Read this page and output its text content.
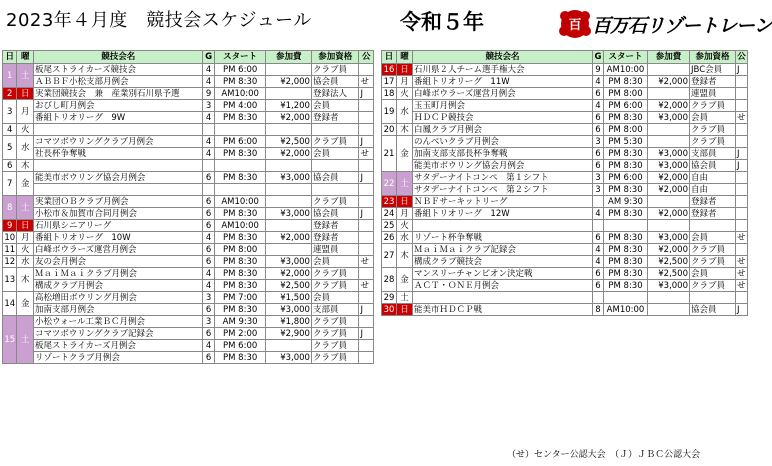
2023年４月度　競技会スケジュール	令和５年	百 百万石リゾートレーン
日	曜	競技会名	G	スタート	参加費	参加資格	公
1	土	板尾ストライカーズ競技会	4	PM 6:00		クラブ員	
		ＡＢＢＦ小松支部月例会	4	PM 8:30	¥2,000	協会員	せ
2	日	実業団競技会　兼　産業別石川県予選	9	AM10:00		登録法人	J
3	月	おびし町月例会	3	PM 4:00	¥1,200	会員	
		番組トリオリーグ　9W	4	PM 8:30	¥2,000	登録者	
4	火						
5	水	コマツボウリングクラブ月例会	4	PM 6:00	¥2,500	クラブ員	J
		社長杯争奪戦	4	PM 8:30	¥2,000	会員	せ
6	木						
7	金	能美市ボウリング協会月例会	6	PM 8:30	¥3,000	協会員	J

8	土	実業団ＯＢクラブ月例会	6	AM10:00		クラブ員	
		小松市＆加賀市合同月例会	6	PM 8:30	¥3,000	協会員	J
9	日	石川県シニアリーグ	6	AM10:00		登録者	
10	月	番組トリオリーグ　10W	4	PM 8:30	¥2,000	登録者	
11	火	白峰ボウラーズ運営月例会	6	PM 8:00		連盟員	
12	水	友の会月例会	6	PM 8:30	¥3,000	会員	せ
13	木	ＭａｉＭａｉクラブ月例会	4	PM 8:30	¥2,000	クラブ員	
		構成クラブ月例会	4	PM 8:30	¥2,500	クラブ員	せ
14	金	高松増田ボウリング月例会	3	PM 7:00	¥1,500	会員	
		加南支部月例会	6	PM 8:30	¥3,000	支部員	J
15	土	小松ウォール工業ＢＣ月例会	3	AM 9:30	¥1,800	クラブ員	
		コマツボウリングクラブ記録会	6	PM 2:00	¥2,900	クラブ員	J
		板尾ストライカーズ月例会	4	PM 6:00		クラブ員	
		リゾートクラブ月例会	6	PM 8:30	¥3,000	クラブ員	
日	曜	競技会名	G	スタート	参加費	参加資格	公
16	日	石川県２人チーム選手権大会	9	AM10:00		JBC会員	J
17	月	番組トリオリーグ　11W	4	PM 8:30	¥2,000	登録者	
18	火	白峰ボウラーズ運営月例会	6	PM 8:00		連盟員	
19	水	玉玉町月例会	4	PM 6:00	¥2,000	クラブ員	
		ＨＤＣＰ競技会	6	PM 8:30	¥3,000	会員	せ
20	木	白鳳クラブ月例会	6	PM 8:00		クラブ員	
21	金	のんべいクラブ月例会	3	PM 5:30		クラブ員	
		加南支部支部長杯争奪戦	6	PM 8:30	¥3,000	支部員	J
		能美市ボウリング協会月例会	6	PM 8:30	¥3,000	協会員	J
22	土	サタデーナイトコンペ　第１シフト	3	PM 6:00	¥2,000	自由	
		サタデーナイトコンペ　第２シフト	3	PM 8:30	¥2,000	自由	
23	日	ＮＢＦサーキットリーグ		AM 9:30		登録者	
24	月	番組トリオリーグ　12W	4	PM 8:30	¥2,000	登録者	
25	火						
26	水	リゾート杯争奪戦	6	PM 8:30	¥3,000	会員	せ
27	木	ＭａｉＭａｉクラブ記録会	4	PM 8:30	¥2,000	クラブ員	
		構成クラブ競技会	4	PM 8:30	¥2,500	クラブ員	せ
28	金	マンスリーチャンピオン決定戦	6	PM 8:30	¥2,500	会員	せ
		ＡＣＴ・ＯＮＥ月例会	6	PM 8:30	¥3,000	クラブ員	せ
29	土						
30	日	能美市ＨＤＣＰ戦	8	AM10:00		協会員	J
（せ）センター公認大会　（Ｊ）ＪＢＣ公認大会
